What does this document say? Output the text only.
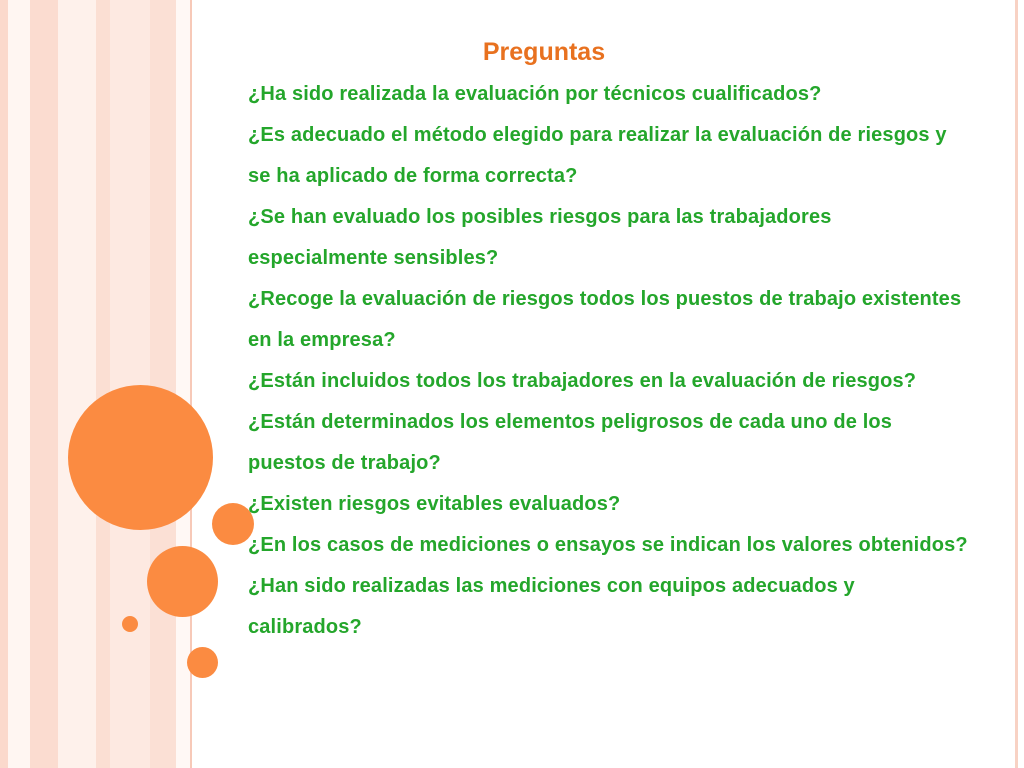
Preguntas
¿Ha sido realizada la evaluación por técnicos cualificados?
¿Es adecuado el método elegido para realizar la evaluación de riesgos y se ha aplicado de forma correcta?
¿Se han evaluado los posibles riesgos para las trabajadores especialmente sensibles?
¿Recoge la evaluación de riesgos todos los puestos de trabajo existentes en la empresa?
¿Están incluidos todos los trabajadores en la evaluación de riesgos?
¿Están determinados los elementos peligrosos de cada uno de los puestos de trabajo?
¿Existen riesgos evitables evaluados?
¿En los casos de mediciones o ensayos se indican los valores obtenidos?
¿Han sido realizadas las mediciones con equipos adecuados y calibrados?
